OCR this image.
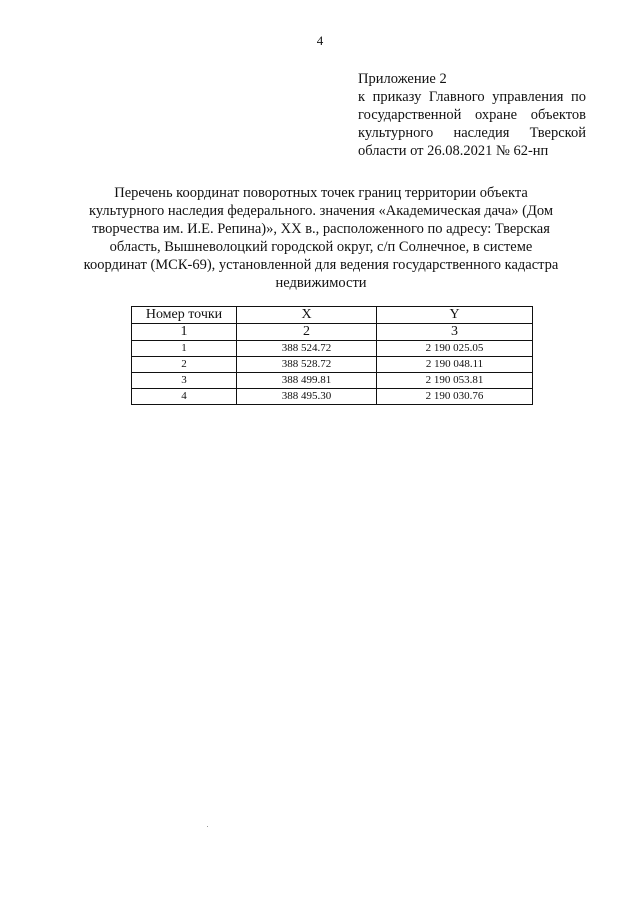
4
Приложение 2
к приказу Главного управления по
государственной охране объектов
культурного наследия Тверской
области от 26.08.2021 № 62-нп
Перечень координат поворотных точек границ территории объекта
культурного наследия федерального. значения «Академическая дача» (Дом
творчества им. И.Е. Репина)», XX в., расположенного по адресу: Тверская
область, Вышневолоцкий городской округ, с/п Солнечное, в системе
координат (МСК-69), установленной для ведения государственного кадастра
недвижимости
Номер точки	X	Y
1	2	3
1	388 524.72	2 190 025.05
2	388 528.72	2 190 048.11
3	388 499.81	2 190 053.81
4	388 495.30	2 190 030.76
